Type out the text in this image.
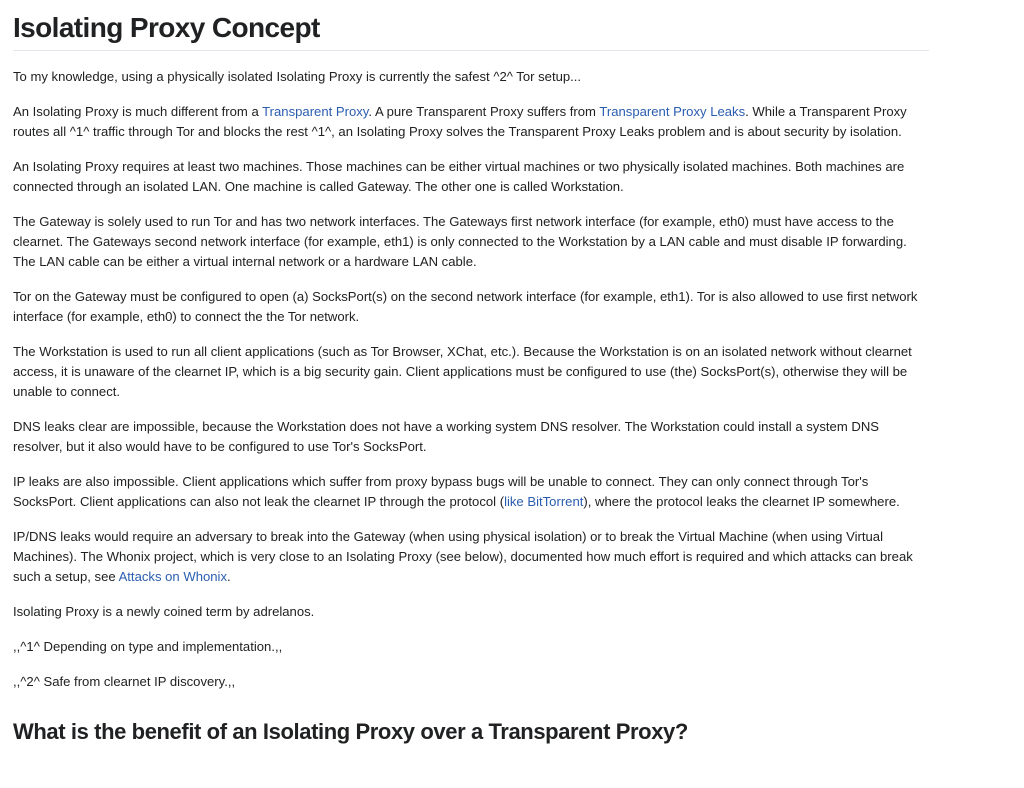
Isolating Proxy Concept

To my knowledge, using a physically isolated Isolating Proxy is currently the safest ^2^ Tor setup...

An Isolating Proxy is much different from a Transparent Proxy. A pure Transparent Proxy suffers from Transparent Proxy Leaks. While a Transparent Proxy routes all ^1^ traffic through Tor and blocks the rest ^1^, an Isolating Proxy solves the Transparent Proxy Leaks problem and is about security by isolation.

An Isolating Proxy requires at least two machines. Those machines can be either virtual machines or two physically isolated machines. Both machines are connected through an isolated LAN. One machine is called Gateway. The other one is called Workstation.

The Gateway is solely used to run Tor and has two network interfaces. The Gateways first network interface (for example, eth0) must have access to the clearnet. The Gateways second network interface (for example, eth1) is only connected to the Workstation by a LAN cable and must disable IP forwarding. The LAN cable can be either a virtual internal network or a hardware LAN cable.

Tor on the Gateway must be configured to open (a) SocksPort(s) on the second network interface (for example, eth1). Tor is also allowed to use first network interface (for example, eth0) to connect the the Tor network.

The Workstation is used to run all client applications (such as Tor Browser, XChat, etc.). Because the Workstation is on an isolated network without clearnet access, it is unaware of the clearnet IP, which is a big security gain. Client applications must be configured to use (the) SocksPort(s), otherwise they will be unable to connect.

DNS leaks clear are impossible, because the Workstation does not have a working system DNS resolver. The Workstation could install a system DNS resolver, but it also would have to be configured to use Tor's SocksPort.

IP leaks are also impossible. Client applications which suffer from proxy bypass bugs will be unable to connect. They can only connect through Tor's SocksPort. Client applications can also not leak the clearnet IP through the protocol (like BitTorrent), where the protocol leaks the clearnet IP somewhere.

IP/DNS leaks would require an adversary to break into the Gateway (when using physical isolation) or to break the Virtual Machine (when using Virtual Machines). The Whonix project, which is very close to an Isolating Proxy (see below), documented how much effort is required and which attacks can break such a setup, see Attacks on Whonix.

Isolating Proxy is a newly coined term by adrelanos.

,,^1^ Depending on type and implementation.,,

,,^2^ Safe from clearnet IP discovery.,,

What is the benefit of an Isolating Proxy over a Transparent Proxy?
